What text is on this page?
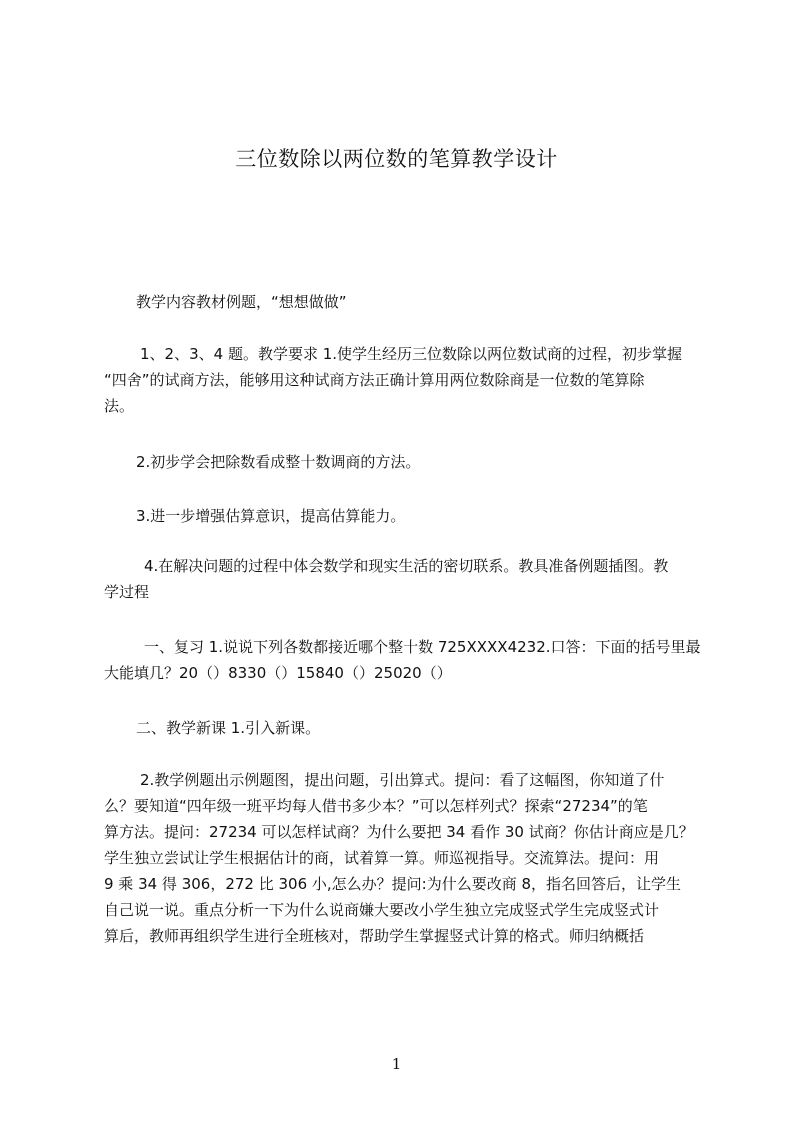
三位数除以两位数的笔算教学设计
教学内容教材例题，“想想做做”
1、2、3、4 题。教学要求 1.使学生经历三位数除以两位数试商的过程，初步掌握
“四舍”的试商方法，能够用这种试商方法正确计算用两位数除商是一位数的笔算除
法。
2.初步学会把除数看成整十数调商的方法。
3.进一步增强估算意识，提高估算能力。
4.在解决问题的过程中体会数学和现实生活的密切联系。教具准备例题插图。教
学过程
一、复习 1.说说下列各数都接近哪个整十数 725XXXX4232.口答：下面的括号里最
大能填几？20（）8330（）15840（）25020（）
二、教学新课 1.引入新课。
2.教学例题出示例题图，提出问题，引出算式。提问：看了这幅图，你知道了什
么？要知道“四年级一班平均每人借书多少本？”可以怎样列式？探索“27234”的笔
算方法。提问：27234 可以怎样试商？为什么要把 34 看作 30 试商？你估计商应是几？
学生独立尝试让学生根据估计的商，试着算一算。师巡视指导。交流算法。提问：用
9 乘 34 得 306，272 比 306 小,怎么办？提问:为什么要改商 8，指名回答后，让学生
自己说一说。重点分析一下为什么说商嫌大要改小学生独立完成竖式学生完成竖式计
算后，教师再组织学生进行全班核对，帮助学生掌握竖式计算的格式。师归纳概括
1
